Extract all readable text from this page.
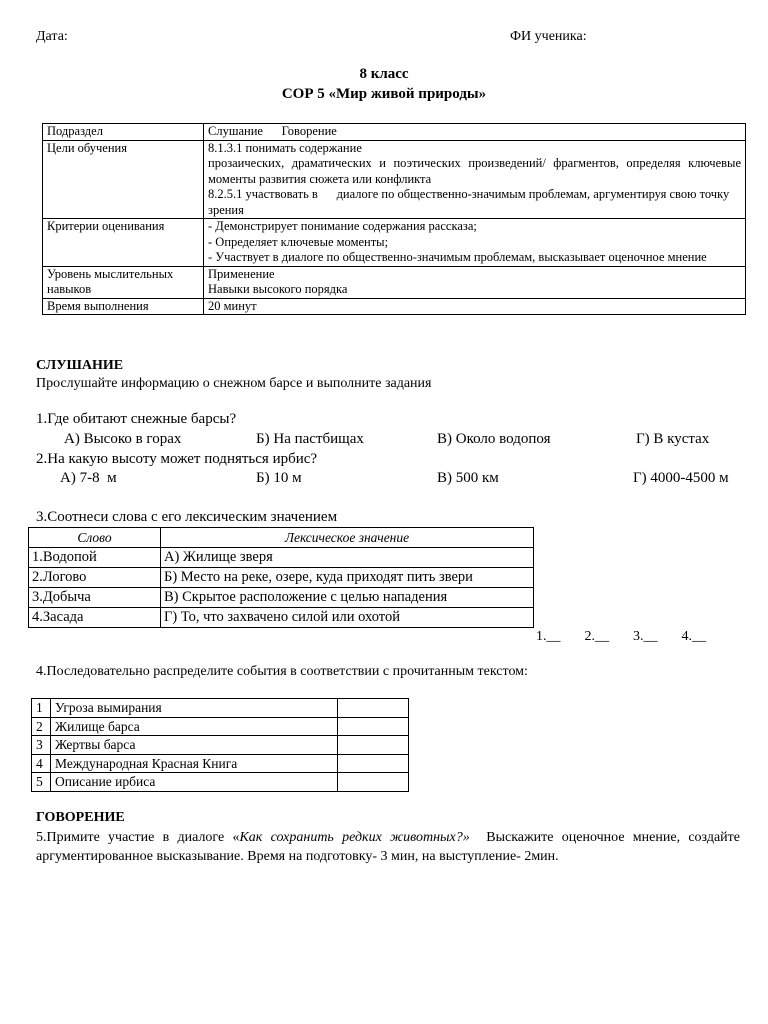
Дата:	ФИ ученика:
8 класс
СОР 5 «Мир живой природы»
Подраздел	Слушание      Говорение

Цели обучения	8.1.3.1 понимать содержание
прозаических, драматических и поэтических произведений/ фрагментов, определяя ключевые моменты развития сюжета или конфликта
8.2.5.1 участвовать в      диалоге по общественно-значимым проблемам, аргументируя свою точку зрения

Критерии оценивания	- Демонстрирует понимание содержания рассказа;
- Определяет ключевые моменты;
- Участвует в диалоге по общественно-значимым проблемам, высказывает оценочное мнение

Уровень мыслительных навыков	Применение
Навыки высокого порядка

Время выполнения	20 минут
СЛУШАНИЕ
Прослушайте информацию о снежном барсе и выполните задания
1.Где обитают снежные барсы?
А) Высоко в горах	Б) На пастбищах	В) Около водопоя	Г) В кустах
2.На какую высоту может подняться ирбис?
А) 7-8  м	Б) 10 м	В) 500 км	Г) 4000-4500 м
3.Соотнеси слова с его лексическим значением
Слово	Лексическое значение
1.Водопой	А) Жилище зверя
2.Логово	Б) Место на реке, озере, куда приходят пить звери
3.Добыча	В) Скрытое расположение с целью нападения
4.Засада	Г) То, что захвачено силой или охотой
1.__ 2.__ 3.__ 4.__
4.Последовательно распределите события в соответствии с прочитанным текстом:
1	Угроза вымирания	
2	Жилище барса	
3	Жертвы барса	
4	Международная Красная Книга	
5	Описание ирбиса	
ГОВОРЕНИЕ
5.Примите участие в диалоге «Как сохранить редких животных?»  Выскажите оценочное мнение, создайте аргументированное высказывание. Время на подготовку- 3 мин, на выступление- 2мин.
